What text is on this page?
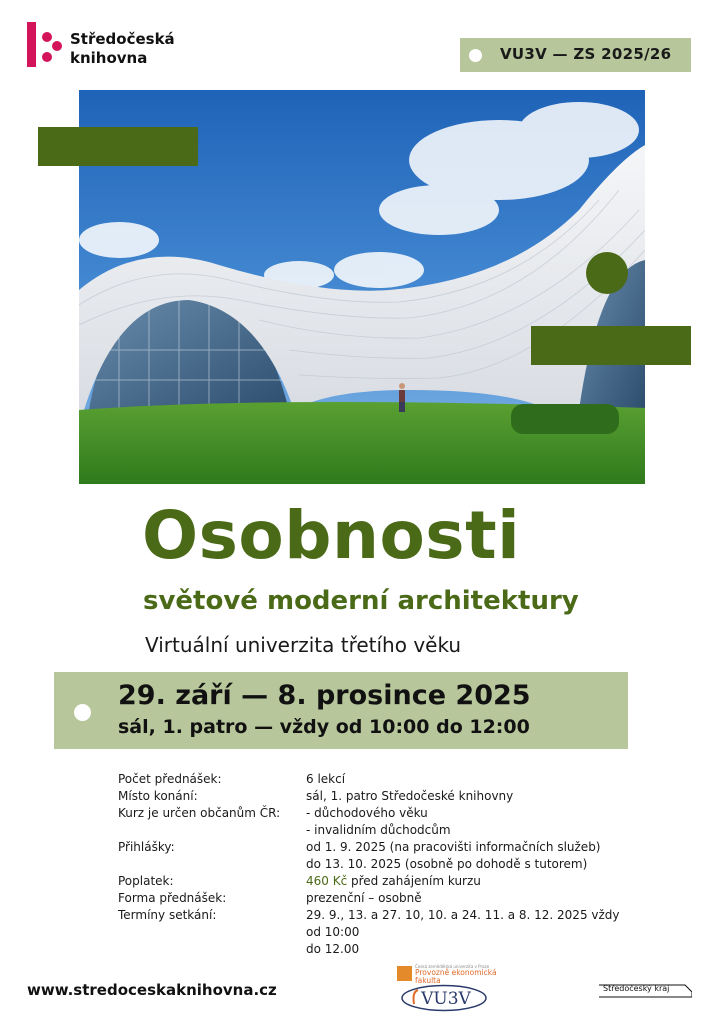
Středočeská
knihovna	VU3V — ZS 2025/26
Osobnosti
světové moderní architektury
Virtuální univerzita třetího věku
29. září — 8. prosince 2025
sál, 1. patro — vždy od 10:00 do 12:00
Počet přednášek:	6 lekcí
Místo konání:	sál, 1. patro Středočeské knihovny
Kurz je určen občanům ČR:	- důchodového věku
- invalidním důchodcům
Přihlášky:	od 1. 9. 2025 (na pracovišti informačních služeb)
do 13. 10. 2025 (osobně po dohodě s tutorem)
Poplatek:	460 Kč před zahájením kurzu
Forma přednášek:	prezenční – osobně
Termíny setkání:	29. 9., 13. a 27. 10, 10. a 24. 11. a 8. 12. 2025 vždy od 10:00
do 12.00
www.stredoceskaknihovna.cz
Česká zemědělská univerzita v Praze
Provozně ekonomická
fakulta
VU3V
Středočeský kraj
